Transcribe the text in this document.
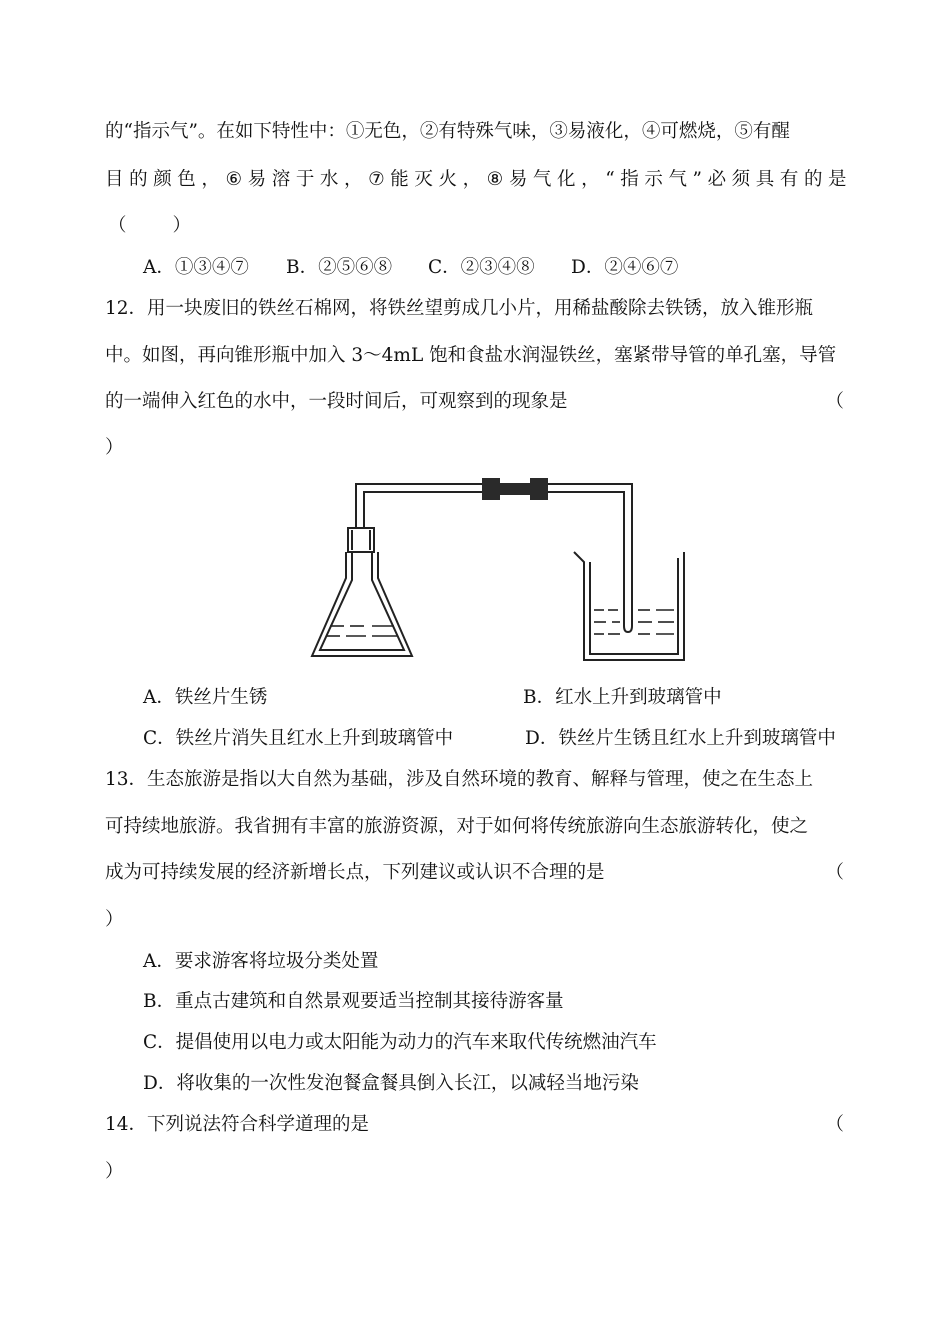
的“指示气”。在如下特性中：①无色，②有特殊气味，③易液化，④可燃烧，⑤有醒
目 的 颜 色 ， ⑥ 易 溶 于 水 ， ⑦ 能 灭 火 ， ⑧ 易 气 化 ， “ 指 示 气 ” 必 须 具 有 的 是
（ ）
A．①③④⑦ B．②⑤⑥⑧ C．②③④⑧ D．②④⑥⑦
12．用一块废旧的铁丝石棉网，将铁丝望剪成几小片，用稀盐酸除去铁锈，放入锥形瓶
中。如图，再向锥形瓶中加入 3～4mL 饱和食盐水润湿铁丝，塞紧带导管的单孔塞，导管
的一端伸入红色的水中，一段时间后，可观察到的现象是	（
）
A．铁丝片生锈	B．红水上升到玻璃管中
C．铁丝片消失且红水上升到玻璃管中	D．铁丝片生锈且红水上升到玻璃管中
13．生态旅游是指以大自然为基础，涉及自然环境的教育、解释与管理，使之在生态上
可持续地旅游。我省拥有丰富的旅游资源，对于如何将传统旅游向生态旅游转化，使之
成为可持续发展的经济新增长点，下列建议或认识不合理的是	（
）
A．要求游客将垃圾分类处置
B．重点古建筑和自然景观要适当控制其接待游客量
C．提倡使用以电力或太阳能为动力的汽车来取代传统燃油汽车
D．将收集的一次性发泡餐盒餐具倒入长江，以减轻当地污染
14．下列说法符合科学道理的是	（
）
